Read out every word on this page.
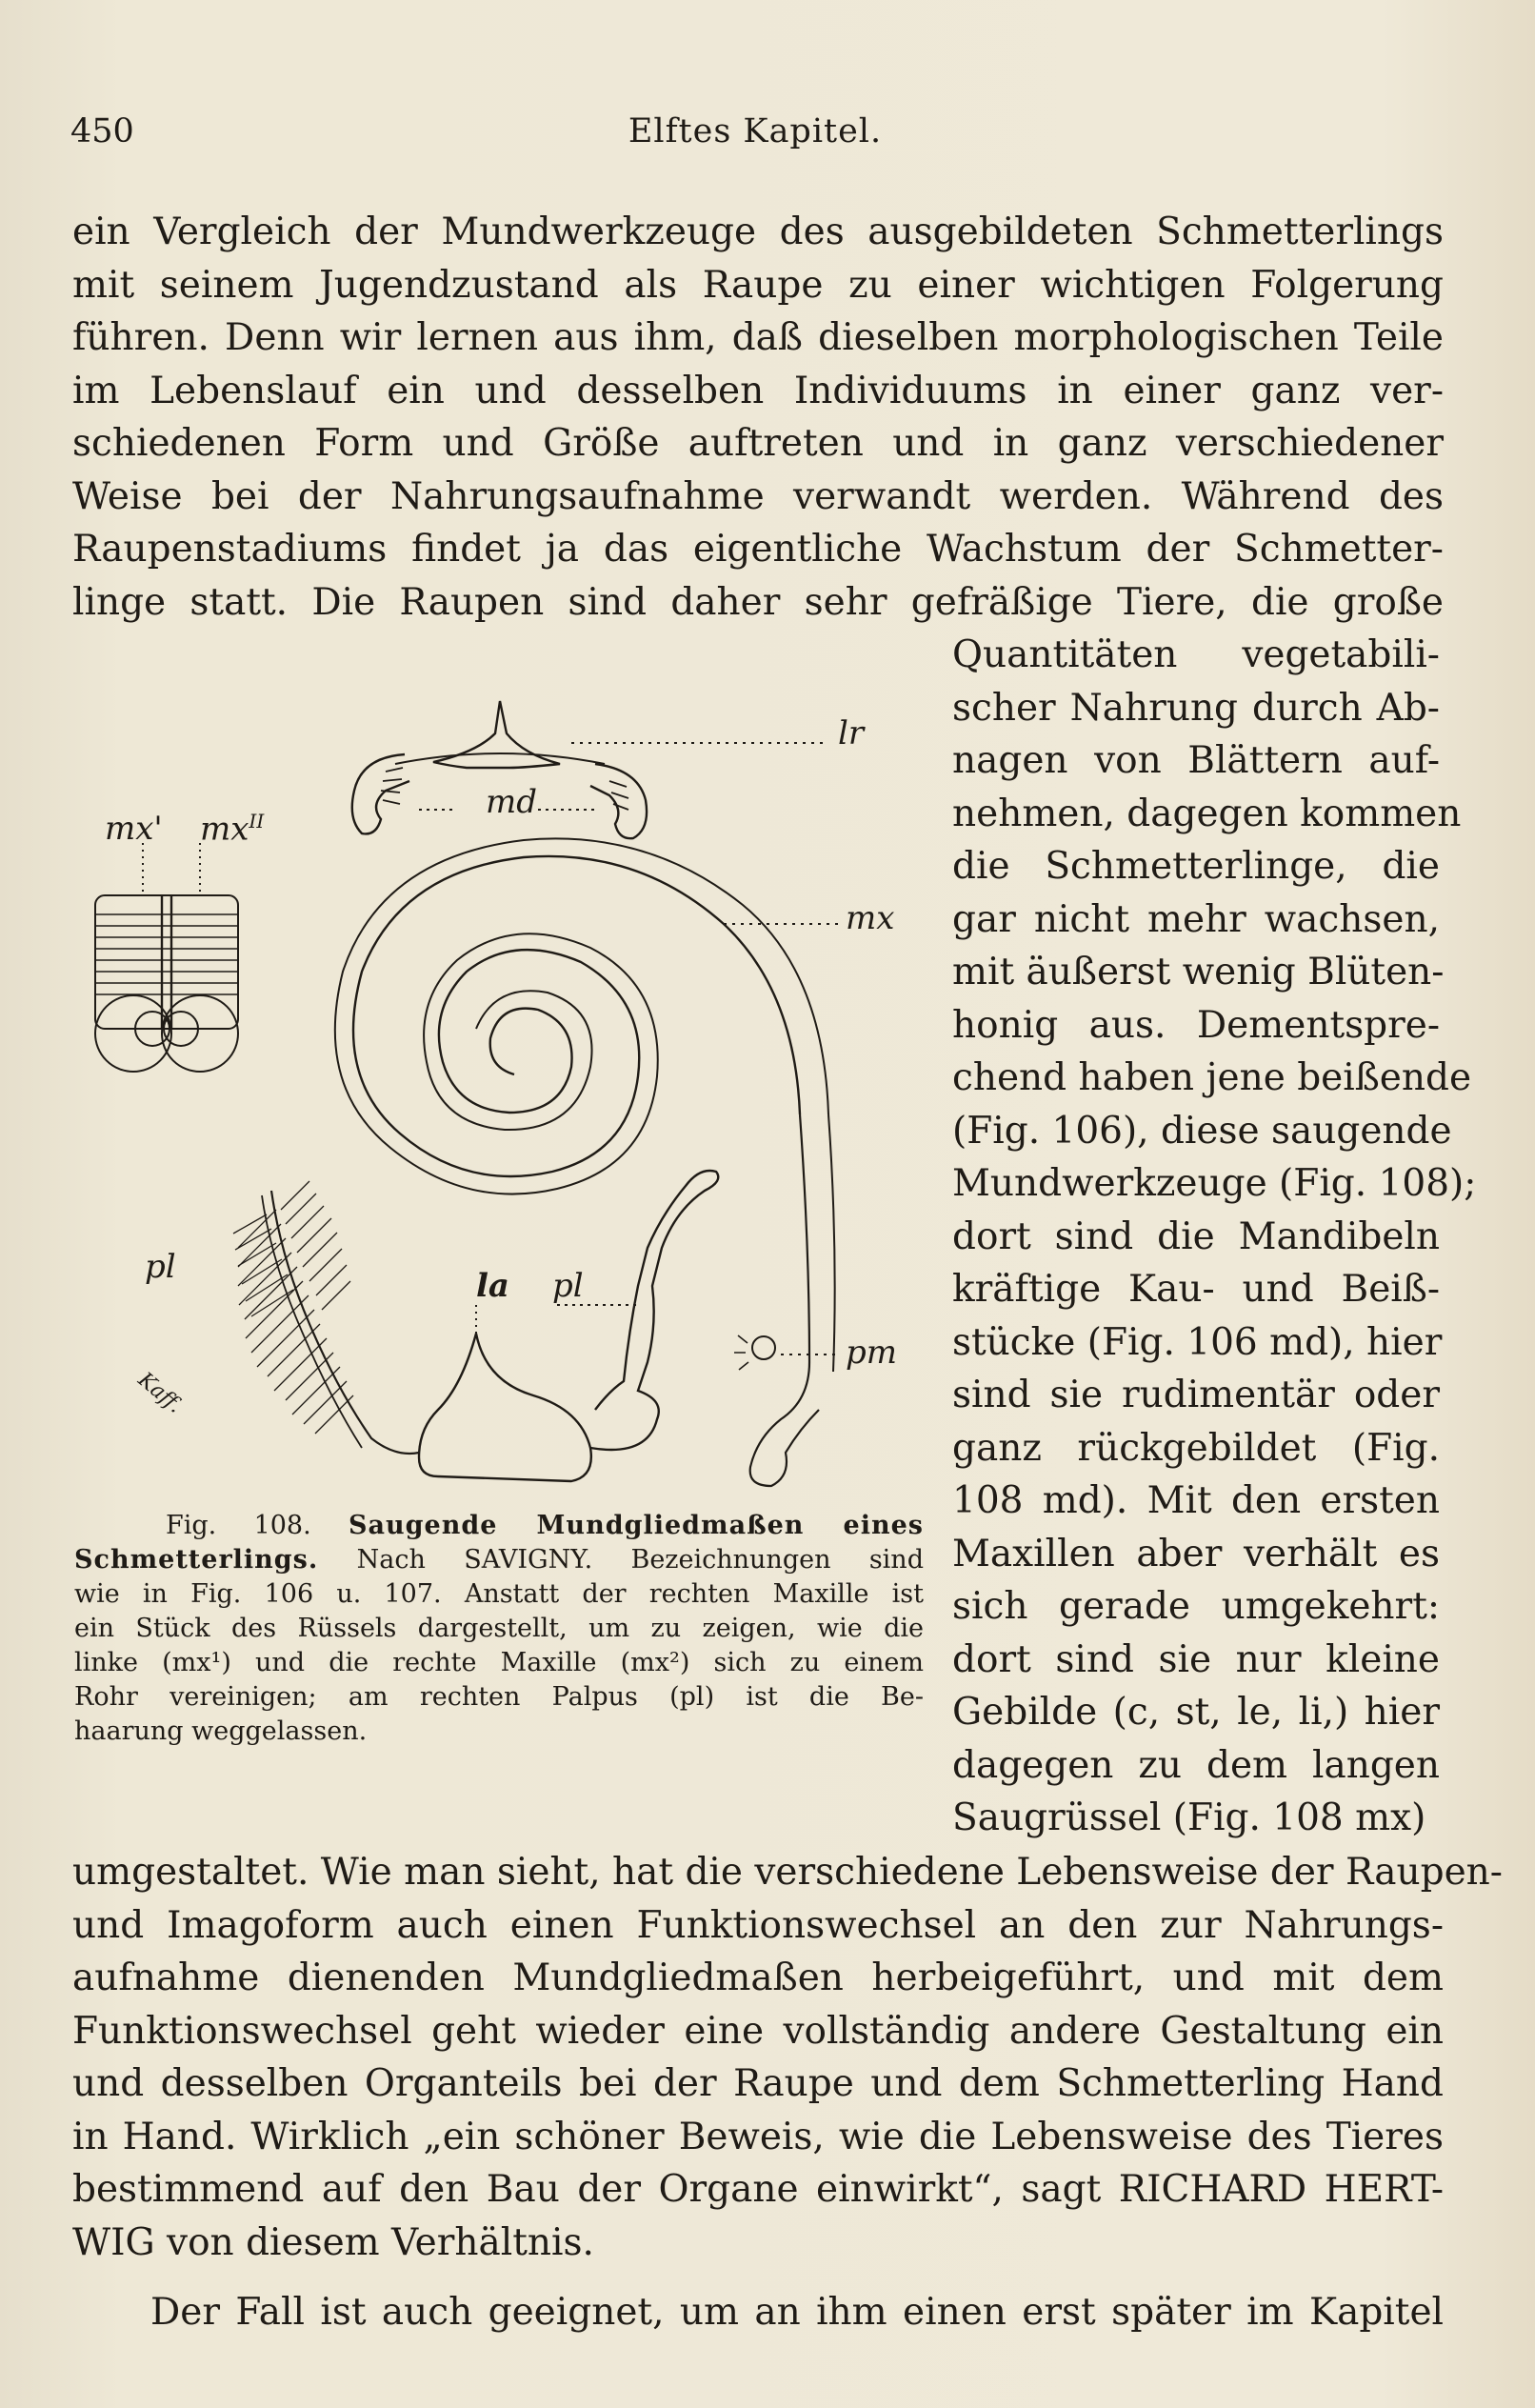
450	Elftes Kapitel.

ein Vergleich der Mundwerkzeuge des ausgebildeten Schmetterlings
mit seinem Jugendzustand als Raupe zu einer wichtigen Folgerung
führen. Denn wir lernen aus ihm, daß dieselben morphologischen Teile
im Lebenslauf ein und desselben Individuums in einer ganz ver-
schiedenen Form und Größe auftreten und in ganz verschiedener
Weise bei der Nahrungsaufnahme verwandt werden. Während des
Raupenstadiums findet ja das eigentliche Wachstum der Schmetter-
linge statt. Die Raupen sind daher sehr gefräßige Tiere, die große

Quantitäten vegetabili-
scher Nahrung durch Ab-
nagen von Blättern auf-
nehmen, dagegen kommen
die Schmetterlinge, die
gar nicht mehr wachsen,
mit äußerst wenig Blüten-
honig aus. Dementspre-
chend haben jene beißende
(Fig. 106), diese saugende
Mundwerkzeuge (Fig. 108);
dort sind die Mandibeln
kräftige Kau- und Beiß-
stücke (Fig. 106 md), hier
sind sie rudimentär oder
ganz rückgebildet (Fig.
108 md). Mit den ersten
Maxillen aber verhält es
sich gerade umgekehrt:
dort sind sie nur kleine
Gebilde (c, st, le, li,) hier
dagegen zu dem langen
Saugrüssel (Fig. 108 mx)

lr
md
mx' $mx^{II}$
mx
pl	la pl
pm
Kaff.

Fig. 108. Saugende Mundgliedmaßen eines
Schmetterlings. Nach SAVIGNY. Bezeichnungen sind
wie in Fig. 106 u. 107. Anstatt der rechten Maxille ist
ein Stück des Rüssels dargestellt, um zu zeigen, wie die
linke (mx¹) und die rechte Maxille (mx²) sich zu einem
Rohr vereinigen; am rechten Palpus (pl) ist die Be-
haarung weggelassen.

umgestaltet. Wie man sieht, hat die verschiedene Lebensweise der Raupen-
und Imagoform auch einen Funktionswechsel an den zur Nahrungs-
aufnahme dienenden Mundgliedmaßen herbeigeführt, und mit dem
Funktionswechsel geht wieder eine vollständig andere Gestaltung ein
und desselben Organteils bei der Raupe und dem Schmetterling Hand
in Hand. Wirklich „ein schöner Beweis, wie die Lebensweise des Tieres
bestimmend auf den Bau der Organe einwirkt“, sagt RICHARD HERT-
WIG von diesem Verhältnis.

Der Fall ist auch geeignet, um an ihm einen erst später im Kapitel
